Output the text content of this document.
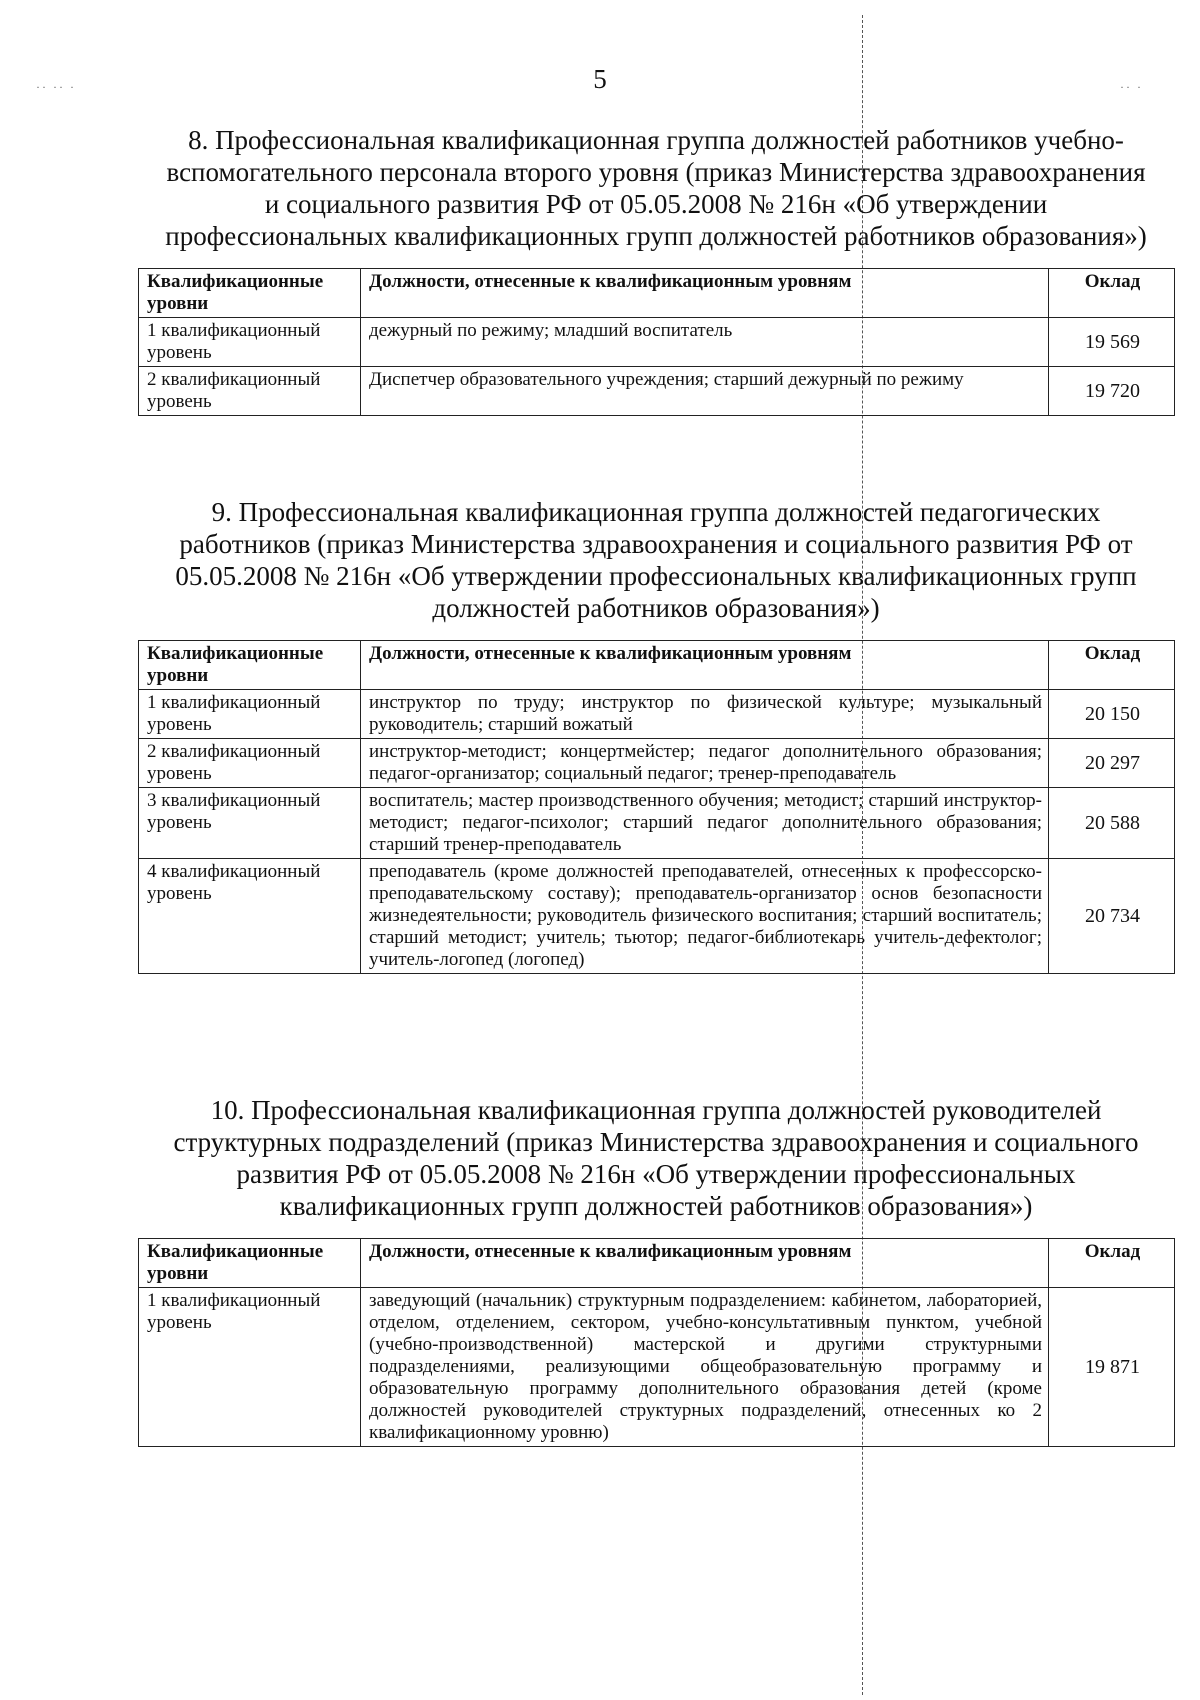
·· ·· ·	·· ·
5
8. Профессиональная квалификационная группа должностей работников учебно-вспомогательного персонала второго уровня (приказ Министерства здравоохранения и социального развития РФ от 05.05.2008 № 216н «Об утверждении профессиональных квалификационных групп должностей работников образования»)
Квалификационные уровни	Должности, отнесенные к квалификационным уровням	Оклад
1 квалификационный уровень	дежурный по режиму; младший воспитатель	19 569
2 квалификационный уровень	Диспетчер образовательного учреждения; старший дежурный по режиму	19 720
9. Профессиональная квалификационная группа должностей педагогических работников (приказ Министерства здравоохранения и социального развития РФ от 05.05.2008 № 216н «Об утверждении профессиональных квалификационных групп должностей работников образования»)
Квалификационные уровни	Должности, отнесенные к квалификационным уровням	Оклад
1 квалификационный уровень	инструктор по труду; инструктор по физической культуре; музыкальный руководитель; старший вожатый	20 150
2 квалификационный уровень	инструктор-методист; концертмейстер; педагог дополнительного образования; педагог-организатор; социальный педагог; тренер-преподаватель	20 297
3 квалификационный уровень	воспитатель; мастер производственного обучения; методист; старший инструктор-методист; педагог-психолог; старший педагог дополнительного образования; старший тренер-преподаватель	20 588
4 квалификационный уровень	преподаватель (кроме должностей преподавателей, отнесенных к профессорско-преподавательскому составу); преподаватель-организатор основ безопасности жизнедеятельности; руководитель физического воспитания; старший воспитатель; старший методист; учитель; тьютор; педагог-библиотекарь учитель-дефектолог; учитель-логопед (логопед)	20 734
10. Профессиональная квалификационная группа должностей руководителей структурных подразделений (приказ Министерства здравоохранения и социального развития РФ от 05.05.2008 № 216н «Об утверждении профессиональных квалификационных групп должностей работников образования»)
Квалификационные уровни	Должности, отнесенные к квалификационным уровням	Оклад
1 квалификационный уровень	заведующий (начальник) структурным подразделением: кабинетом, лабораторией, отделом, отделением, сектором, учебно-консультативным пунктом, учебной (учебно-производственной) мастерской и другими структурными подразделениями, реализующими общеобразовательную программу и образовательную программу дополнительного образования детей (кроме должностей руководителей структурных подразделений, отнесенных ко 2 квалификационному уровню)	19 871
